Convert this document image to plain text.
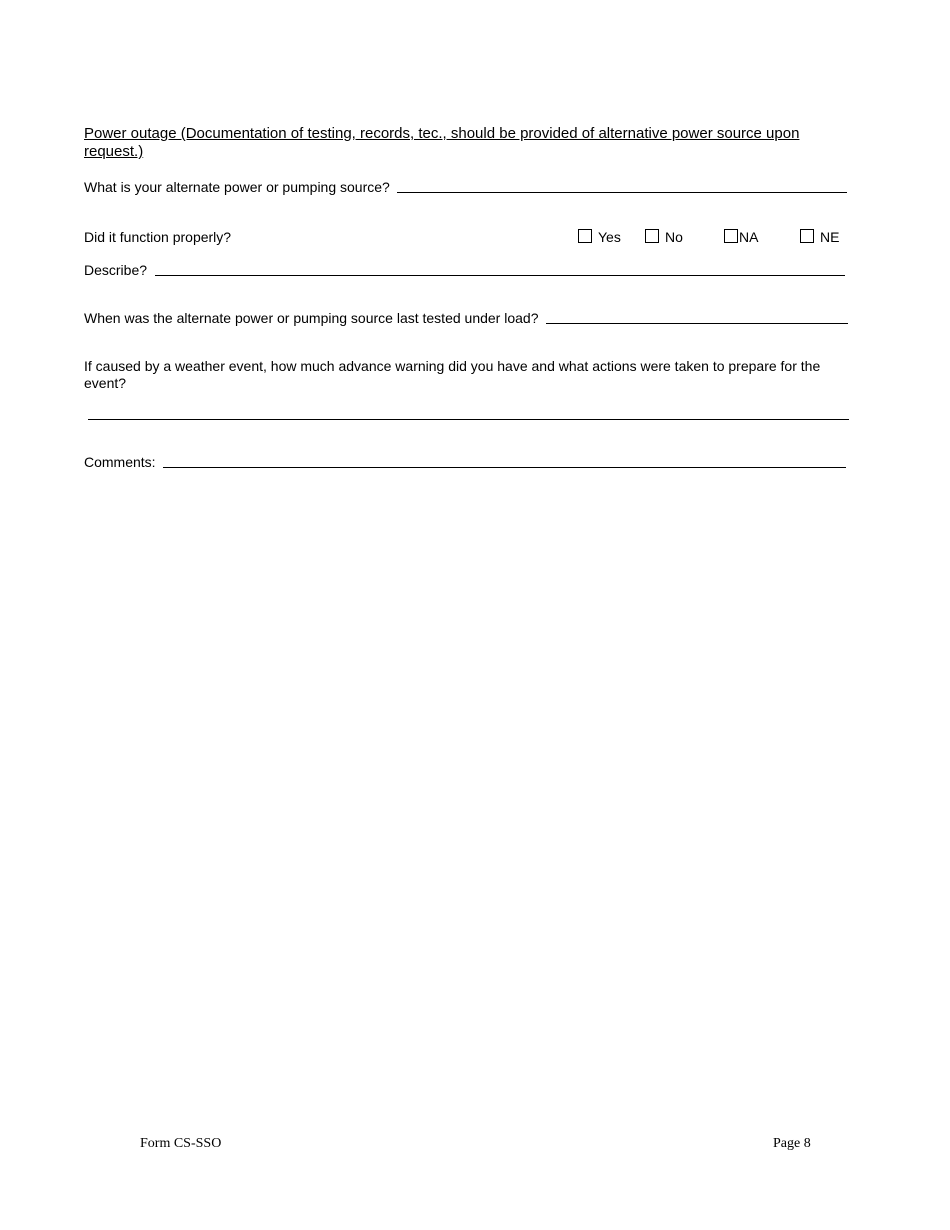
Power outage (Documentation of testing, records, tec., should be provided of alternative power source upon request.)
What is your alternate power or pumping source?
Did it function properly?	Yes	No	NA	NE
Describe?
When was the alternate power or pumping source last tested under load?
If caused by a weather event, how much advance warning did you have and what actions were taken to prepare for the event?
Comments:
Form CS-SSO	Page 8
